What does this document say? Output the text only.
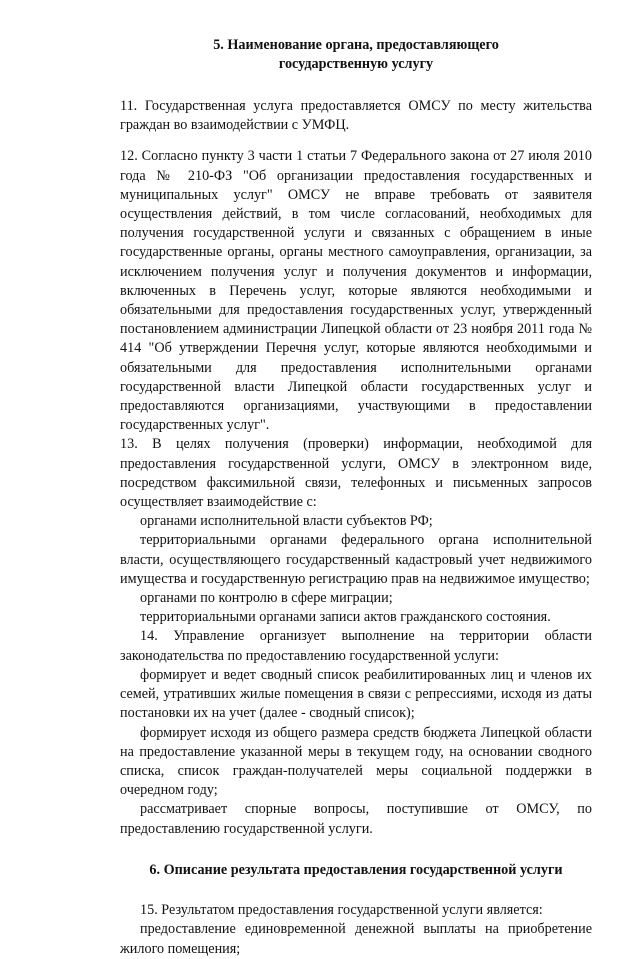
5. Наименование органа, предоставляющего
государственную услугу

11. Государственная услуга предоставляется ОМСУ по месту жительства граждан во взаимодействии с УМФЦ.

12. Согласно пункту 3 части 1 статьи 7 Федерального закона от 27 июля 2010 года № 210-ФЗ "Об организации предоставления государственных и муниципальных услуг" ОМСУ не вправе требовать от заявителя осуществления действий, в том числе согласований, необходимых для получения государственной услуги и связанных с обращением в иные государственные органы, органы местного самоуправления, организации, за исключением получения услуг и получения документов и информации, включенных в Перечень услуг, которые являются необходимыми и обязательными для предоставления государственных услуг, утвержденный постановлением администрации Липецкой области от 23 ноября 2011 года № 414 "Об утверждении Перечня услуг, которые являются необходимыми и обязательными для предоставления исполнительными органами государственной власти Липецкой области государственных услуг и предоставляются организациями, участвующими в предоставлении государственных услуг".

13. В целях получения (проверки) информации, необходимой для предоставления государственной услуги, ОМСУ в электронном виде, посредством факсимильной связи, телефонных и письменных запросов осуществляет взаимодействие с:

органами исполнительной власти субъектов РФ;

территориальными органами федерального органа исполнительной власти, осуществляющего государственный кадастровый учет недвижимого имущества и государственную регистрацию прав на недвижимое имущество;

органами по контролю в сфере миграции;

территориальными органами записи актов гражданского состояния.

14. Управление организует выполнение на территории области законодательства по предоставлению государственной услуги:

формирует и ведет сводный список реабилитированных лиц и членов их семей, утративших жилые помещения в связи с репрессиями, исходя из даты постановки их на учет (далее - сводный список);

формирует исходя из общего размера средств бюджета Липецкой области на предоставление указанной меры в текущем году, на основании сводного списка, список граждан-получателей меры социальной поддержки в очередном году;

рассматривает спорные вопросы, поступившие от ОМСУ, по предоставлению государственной услуги.

6. Описание результата предоставления государственной услуги

15. Результатом предоставления государственной услуги является:

предоставление единовременной денежной выплаты на приобретение жилого помещения;
